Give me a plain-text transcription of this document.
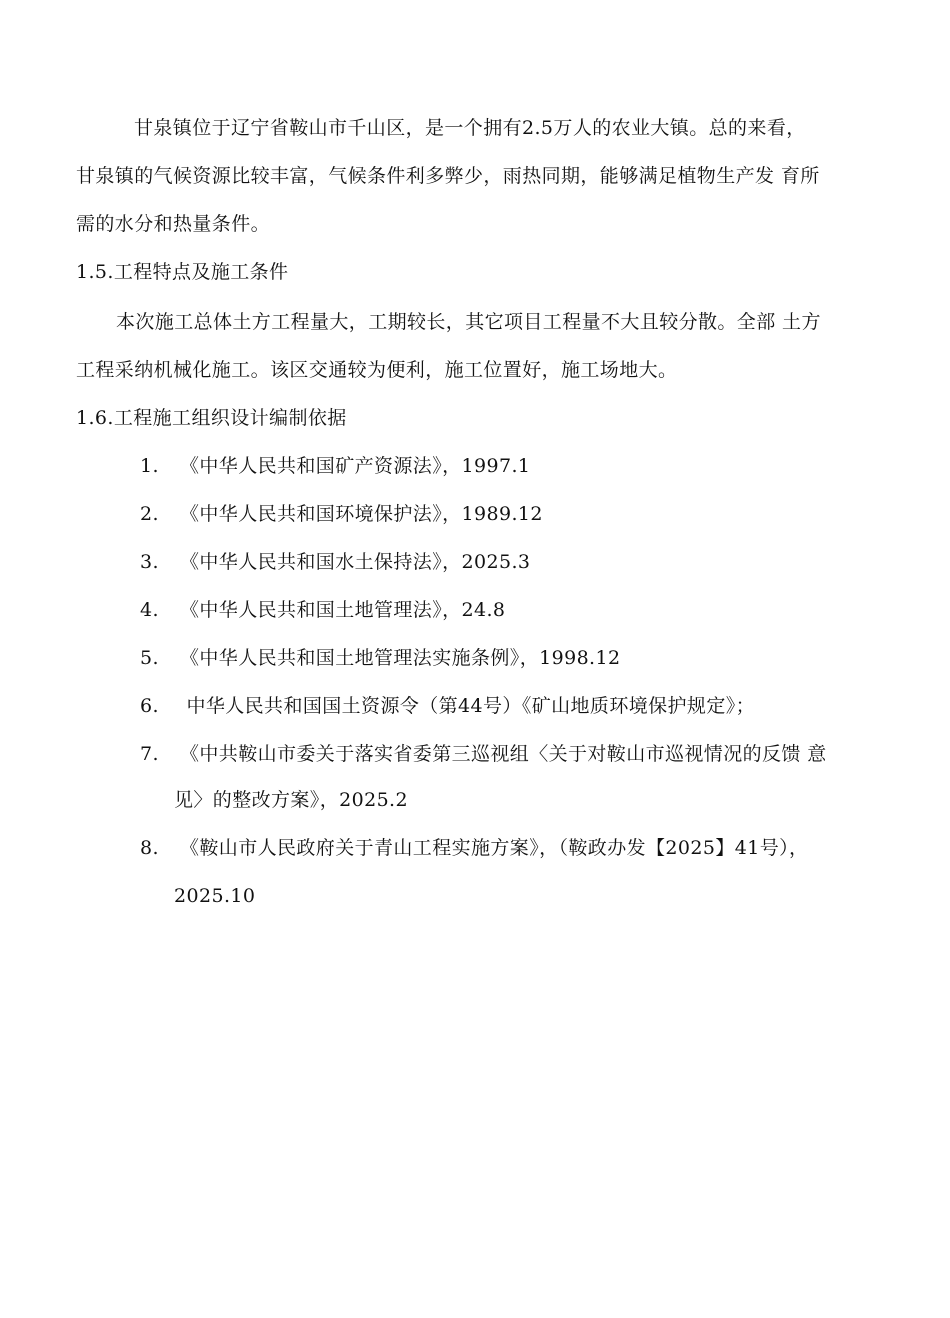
甘泉镇位于辽宁省鞍山市千山区，是一个拥有2.5万人的农业大镇。总的来看，
甘泉镇的气候资源比较丰富，气候条件利多弊少，雨热同期，能够满足植物生产发 育所
需的水分和热量条件。
1.5.工程特点及施工条件
本次施工总体土方工程量大，工期较长，其它项目工程量不大且较分散。全部 土方
工程采纳机械化施工。该区交通较为便利，施工位置好，施工场地大。
1.6.工程施工组织设计编制依据
1. 《中华人民共和国矿产资源法》，1997.1
2. 《中华人民共和国环境保护法》，1989.12
3. 《中华人民共和国水土保持法》，2025.3
4. 《中华人民共和国土地管理法》，24.8
5. 《中华人民共和国土地管理法实施条例》，1998.12
6. 中华人民共和国国土资源令（第44号）《矿山地质环境保护规定》；
7. 《中共鞍山市委关于落实省委第三巡视组〈关于对鞍山市巡视情况的反馈 意
见〉的整改方案》，2025.2
8. 《鞍山市人民政府关于青山工程实施方案》，（鞍政办发【2025】41号），
2025.10
